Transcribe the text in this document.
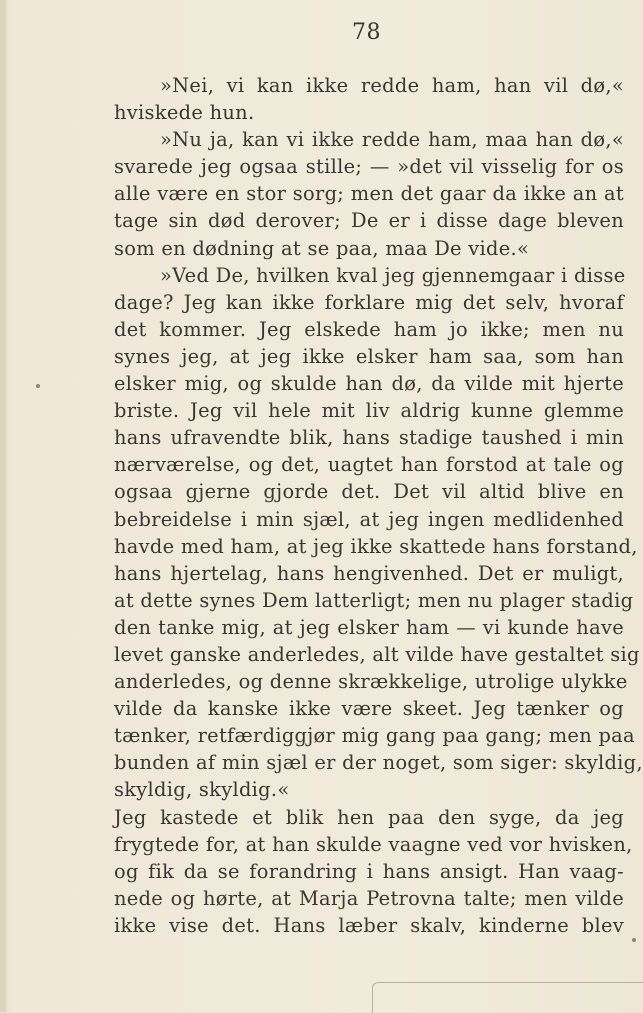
78
»Nei, vi kan ikke redde ham, han vil dø,«
hviskede hun.
»Nu ja, kan vi ikke redde ham, maa han dø,«
svarede jeg ogsaa stille; — »det vil visselig for os
alle være en stor sorg; men det gaar da ikke an at
tage sin død derover; De er i disse dage bleven
som en dødning at se paa, maa De vide.«
»Ved De, hvilken kval jeg gjennemgaar i disse
dage? Jeg kan ikke forklare mig det selv, hvoraf
det kommer. Jeg elskede ham jo ikke; men nu
synes jeg, at jeg ikke elsker ham saa, som han
elsker mig, og skulde han dø, da vilde mit hjerte
briste. Jeg vil hele mit liv aldrig kunne glemme
hans ufravendte blik, hans stadige taushed i min
nærværelse, og det, uagtet han forstod at tale og
ogsaa gjerne gjorde det. Det vil altid blive en
bebreidelse i min sjæl, at jeg ingen medlidenhed
havde med ham, at jeg ikke skattede hans forstand,
hans hjertelag, hans hengivenhed. Det er muligt,
at dette synes Dem latterligt; men nu plager stadig
den tanke mig, at jeg elsker ham — vi kunde have
levet ganske anderledes, alt vilde have gestaltet sig
anderledes, og denne skrækkelige, utrolige ulykke
vilde da kanske ikke være skeet. Jeg tænker og
tænker, retfærdiggjør mig gang paa gang; men paa
bunden af min sjæl er der noget, som siger: skyldig,
skyldig, skyldig.«
Jeg kastede et blik hen paa den syge, da jeg
frygtede for, at han skulde vaagne ved vor hvisken,
og fik da se forandring i hans ansigt. Han vaag-
nede og hørte, at Marja Petrovna talte; men vilde
ikke vise det. Hans læber skalv, kinderne blev
